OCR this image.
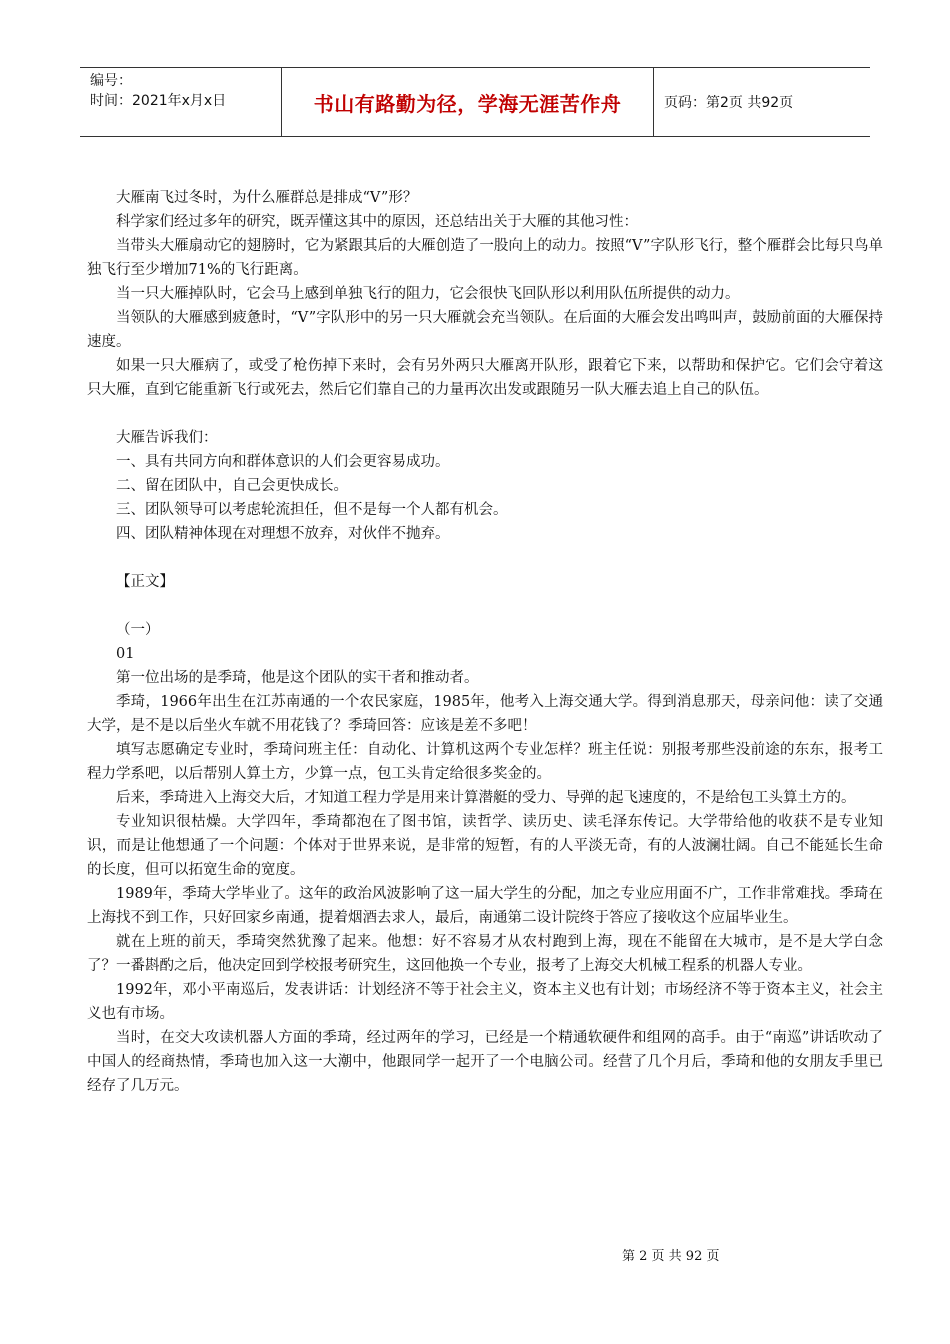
编号：
时间：2021年x月x日	书山有路勤为径，学海无涯苦作舟	页码：第2页 共92页

大雁南飞过冬时，为什么雁群总是排成“V”形？

科学家们经过多年的研究，既弄懂这其中的原因，还总结出关于大雁的其他习性：

当带头大雁扇动它的翅膀时，它为紧跟其后的大雁创造了一股向上的动力。按照“V”字队形飞行，整个雁群会比每只鸟单独飞行至少增加71%的飞行距离。

当一只大雁掉队时，它会马上感到单独飞行的阻力，它会很快飞回队形以利用队伍所提供的动力。

当领队的大雁感到疲惫时，“V”字队形中的另一只大雁就会充当领队。在后面的大雁会发出鸣叫声，鼓励前面的大雁保持速度。

如果一只大雁病了，或受了枪伤掉下来时，会有另外两只大雁离开队形，跟着它下来，以帮助和保护它。它们会守着这只大雁，直到它能重新飞行或死去，然后它们靠自己的力量再次出发或跟随另一队大雁去追上自己的队伍。

大雁告诉我们：

一、具有共同方向和群体意识的人们会更容易成功。

二、留在团队中，自己会更快成长。

三、团队领导可以考虑轮流担任，但不是每一个人都有机会。

四、团队精神体现在对理想不放弃，对伙伴不抛弃。

【正文】

（一）

01

第一位出场的是季琦，他是这个团队的实干者和推动者。

季琦，1966年出生在江苏南通的一个农民家庭，1985年，他考入上海交通大学。得到消息那天，母亲问他：读了交通大学，是不是以后坐火车就不用花钱了？季琦回答：应该是差不多吧！

填写志愿确定专业时，季琦问班主任：自动化、计算机这两个专业怎样？班主任说：别报考那些没前途的东东，报考工程力学系吧，以后帮别人算土方，少算一点，包工头肯定给很多奖金的。

后来，季琦进入上海交大后，才知道工程力学是用来计算潜艇的受力、导弹的起飞速度的，不是给包工头算土方的。

专业知识很枯燥。大学四年，季琦都泡在了图书馆，读哲学、读历史、读毛泽东传记。大学带给他的收获不是专业知识，而是让他想通了一个问题：个体对于世界来说，是非常的短暂，有的人平淡无奇，有的人波澜壮阔。自己不能延长生命的长度，但可以拓宽生命的宽度。

1989年，季琦大学毕业了。这年的政治风波影响了这一届大学生的分配，加之专业应用面不广，工作非常难找。季琦在上海找不到工作，只好回家乡南通，提着烟酒去求人，最后，南通第二设计院终于答应了接收这个应届毕业生。

就在上班的前天，季琦突然犹豫了起来。他想：好不容易才从农村跑到上海，现在不能留在大城市，是不是大学白念了？一番斟酌之后，他决定回到学校报考研究生，这回他换一个专业，报考了上海交大机械工程系的机器人专业。

1992年，邓小平南巡后，发表讲话：计划经济不等于社会主义，资本主义也有计划；市场经济不等于资本主义，社会主义也有市场。

当时，在交大攻读机器人方面的季琦，经过两年的学习，已经是一个精通软硬件和组网的高手。由于“南巡”讲话吹动了中国人的经商热情，季琦也加入这一大潮中，他跟同学一起开了一个电脑公司。经营了几个月后，季琦和他的女朋友手里已经存了几万元。

第 2 页 共 92 页
